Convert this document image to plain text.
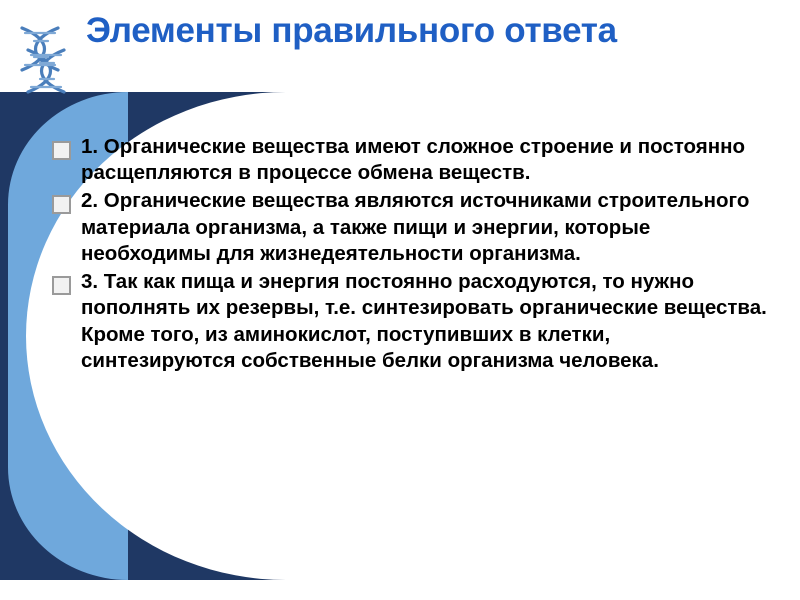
Элементы правильного ответа
1. Органические вещества имеют сложное строение и постоянно расщепляются в процессе обмена веществ.
2. Органические вещества являются источниками строительного материала организма, а также пищи и энергии, которые необходимы для жизнедеятельности организма.
3. Так как пища и энергия постоянно расходуются, то нужно пополнять их резервы, т.е. синтезировать органические вещества. Кроме того, из аминокислот, поступивших в клетки, синтезируются собственные белки организма человека.
